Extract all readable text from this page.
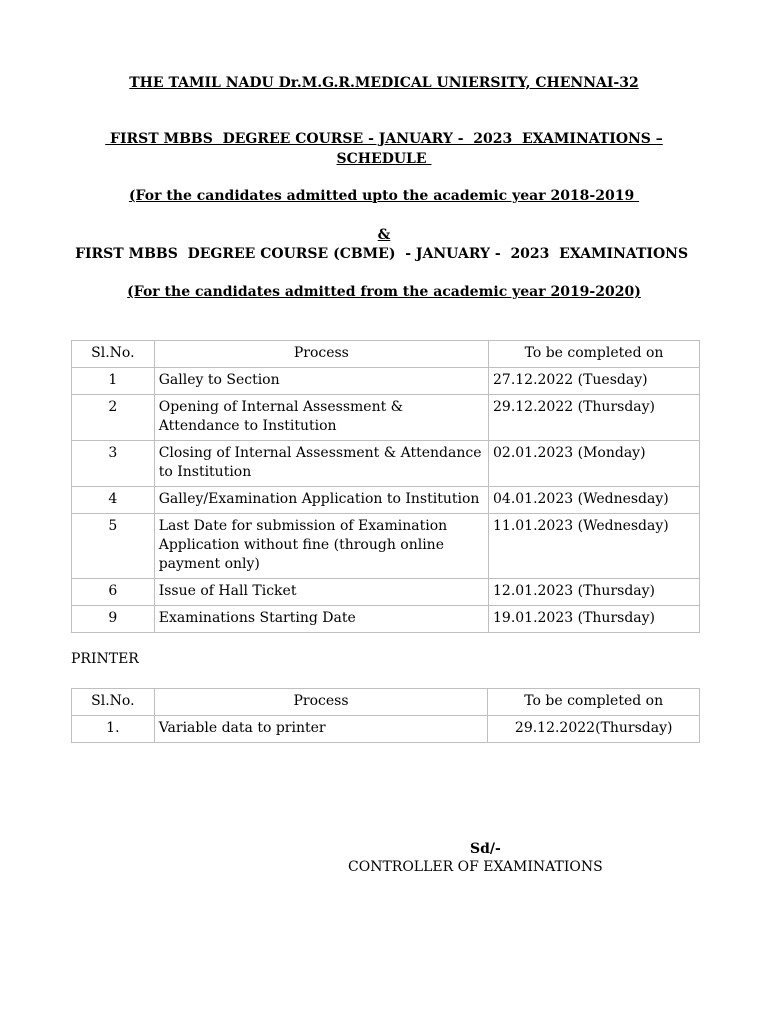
THE TAMIL NADU Dr.M.G.R.MEDICAL UNIERSITY, CHENNAI-32
FIRST MBBS  DEGREE COURSE - JANUARY -  2023  EXAMINATIONS –
SCHEDULE
(For the candidates admitted upto the academic year 2018-2019
&
FIRST MBBS  DEGREE COURSE (CBME)  - JANUARY -  2023  EXAMINATIONS
(For the candidates admitted from the academic year 2019-2020)
Sl.No.	Process	To be completed on
1	Galley to Section	27.12.2022 (Tuesday)
2	Opening of Internal Assessment & Attendance to Institution	29.12.2022 (Thursday)
3	Closing of Internal Assessment & Attendance to Institution	02.01.2023 (Monday)
4	Galley/Examination Application to Institution	04.01.2023 (Wednesday)
5	Last Date for submission of Examination Application without fine (through online payment only)	11.01.2023 (Wednesday)
6	Issue of Hall Ticket	12.01.2023 (Thursday)
9	Examinations Starting Date	19.01.2023 (Thursday)
PRINTER
Sl.No.	Process	To be completed on
1.	Variable data to printer	29.12.2022(Thursday)
Sd/-
CONTROLLER OF EXAMINATIONS
